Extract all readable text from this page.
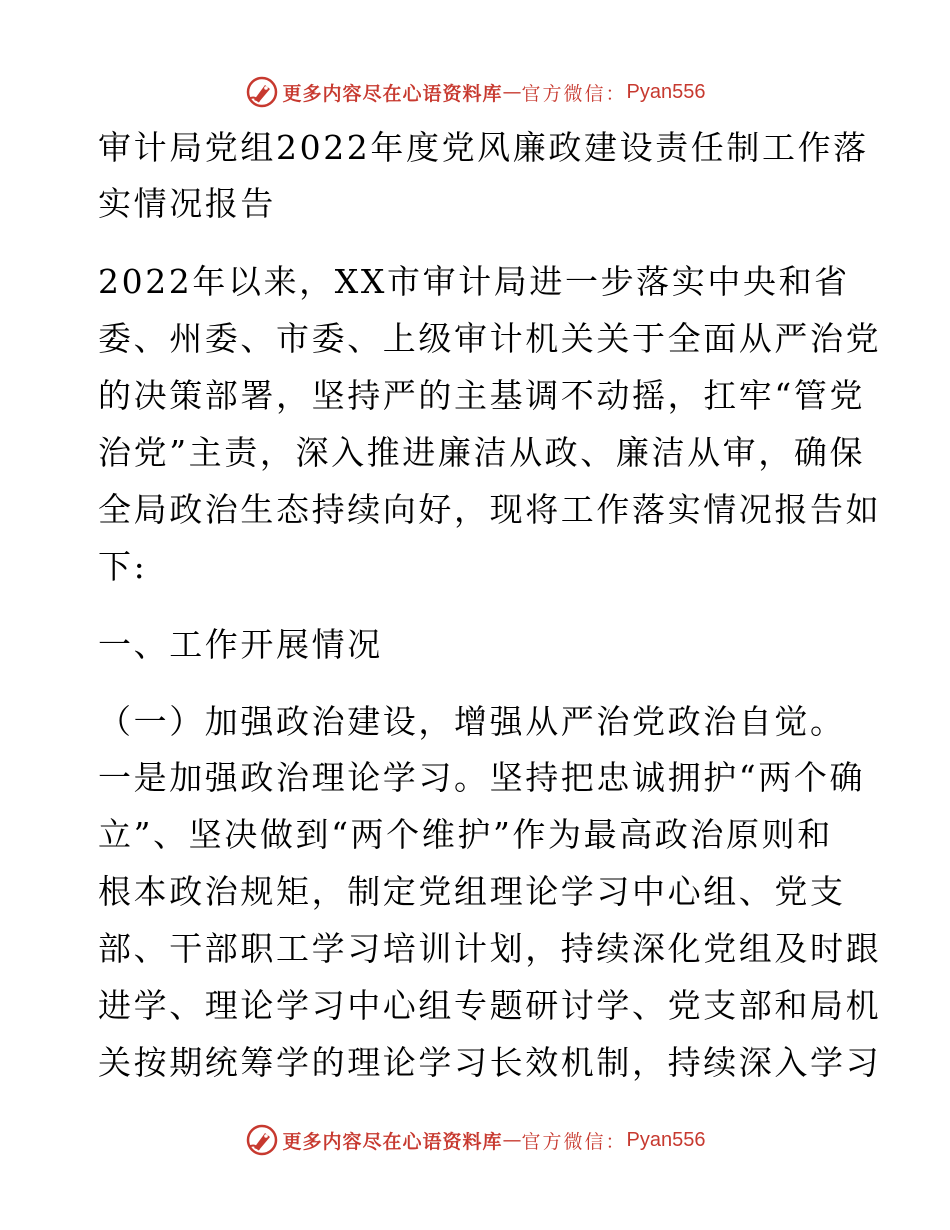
更多内容尽在心语资料库 — 官方微信： Pyan556

审计局党组2022年度党风廉政建设责任制工作落

实情况报告

2022年以来，XX市审计局进一步落实中央和省

委、州委、市委、上级审计机关关于全面从严治党

的决策部署，坚持严的主基调不动摇，扛牢“管党

治党”主责，深入推进廉洁从政、廉洁从审，确保

全局政治生态持续向好，现将工作落实情况报告如

下:

一、工作开展情况

（一）加强政治建设，增强从严治党政治自觉。

一是加强政治理论学习。坚持把忠诚拥护“两个确

立”、坚决做到“两个维护”作为最高政治原则和

根本政治规矩，制定党组理论学习中心组、党支

部、干部职工学习培训计划，持续深化党组及时跟

进学、理论学习中心组专题研讨学、党支部和局机

关按期统筹学的理论学习长效机制，持续深入学习

更多内容尽在心语资料库 — 官方微信： Pyan556
